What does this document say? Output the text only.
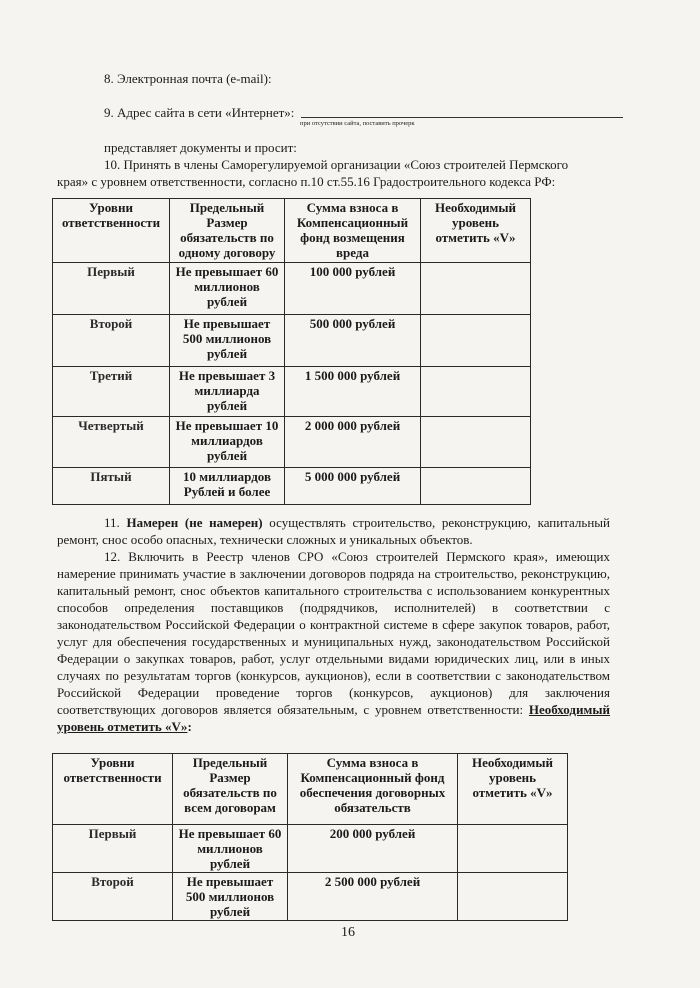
8. Электронная почта (e-mail):

9. Адрес сайта в сети «Интернет»:

при отсутствии сайта, поставить прочерк

представляет документы и просит:

10. Принять в члены Саморегулируемой организации «Союз строителей Пермского

края» с уровнем ответственности, согласно п.10 ст.55.16 Градостроительного кодекса РФ:

Уровни ответственности	Предельный Размер обязательств по одному договору	Сумма взноса в Компенсационный фонд возмещения вреда	Необходимый уровень отметить «V»
Первый	Не превышает 60 миллионов рублей	100 000 рублей	
Второй	Не превышает 500 миллионов рублей	500 000 рублей	
Третий	Не превышает 3 миллиарда рублей	1 500 000 рублей	
Четвертый	Не превышает 10 миллиардов рублей	2 000 000 рублей	
Пятый	10 миллиардов Рублей и более	5 000 000 рублей	

11. Намерен (не намерен) осуществлять строительство, реконструкцию, капитальный ремонт, снос особо опасных, технически сложных и уникальных объектов.

12. Включить в Реестр членов СРО «Союз строителей Пермского края», имеющих намерение принимать участие в заключении договоров подряда на строительство, реконструкцию, капитальный ремонт, снос объектов капитального строительства с использованием конкурентных способов определения поставщиков (подрядчиков, исполнителей) в соответствии с законодательством Российской Федерации о контрактной системе в сфере закупок товаров, работ, услуг для обеспечения государственных и муниципальных нужд, законодательством Российской Федерации о закупках товаров, работ, услуг отдельными видами юридических лиц, или в иных случаях по результатам торгов (конкурсов, аукционов), если в соответствии с законодательством Российской Федерации проведение торгов (конкурсов, аукционов) для заключения соответствующих договоров является обязательным, с уровнем ответственности: Необходимый уровень отметить «V»:

Уровни ответственности	Предельный Размер обязательств по всем договорам	Сумма взноса в Компенсационный фонд обеспечения договорных обязательств	Необходимый уровень отметить «V»
Первый	Не превышает 60 миллионов рублей	200 000 рублей	
Второй	Не превышает 500 миллионов рублей	2 500 000 рублей	
16
